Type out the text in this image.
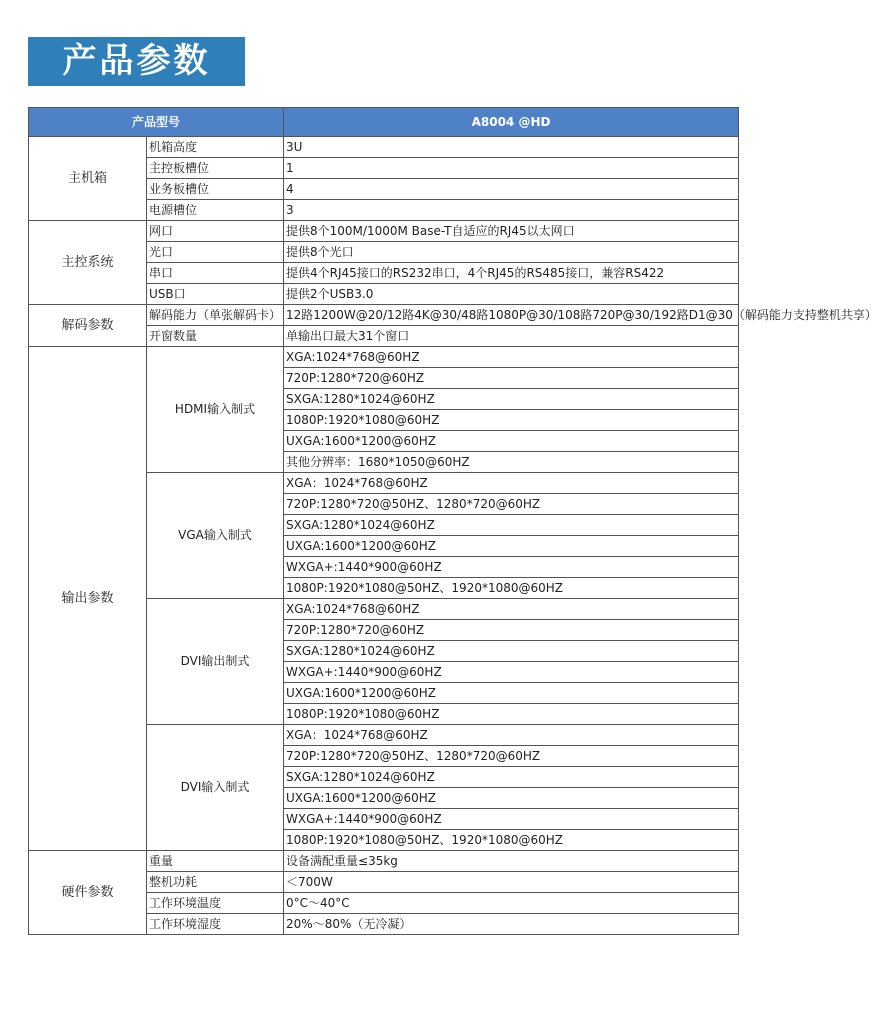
产品参数
产品型号		A8004 @HD
主机箱	机箱高度	3U
	主控板槽位	1
	业务板槽位	4
	电源槽位	3
主控系统	网口	提供8个100M/1000M Base-T自适应的RJ45以太网口
	光口	提供8个光口
	串口	提供4个RJ45接口的RS232串口，4个RJ45的RS485接口，兼容RS422
	USB口	提供2个USB3.0
解码参数	解码能力（单张解码卡）	12路1200W@20/12路4K@30/48路1080P@30/108路720P@30/192路D1@30（解码能力支持整机共享）
	开窗数量	单输出口最大31个窗口
输出参数	HDMI输入制式	XGA:1024*768@60HZ
		720P:1280*720@60HZ
		SXGA:1280*1024@60HZ
		1080P:1920*1080@60HZ
		UXGA:1600*1200@60HZ
		其他分辨率：1680*1050@60HZ
	VGA输入制式	XGA：1024*768@60HZ
		720P:1280*720@50HZ、1280*720@60HZ
		SXGA:1280*1024@60HZ
		UXGA:1600*1200@60HZ
		WXGA+:1440*900@60HZ
		1080P:1920*1080@50HZ、1920*1080@60HZ
	DVI输出制式	XGA:1024*768@60HZ
		720P:1280*720@60HZ
		SXGA:1280*1024@60HZ
		WXGA+:1440*900@60HZ
		UXGA:1600*1200@60HZ
		1080P:1920*1080@60HZ
	DVI输入制式	XGA：1024*768@60HZ
		720P:1280*720@50HZ、1280*720@60HZ
		SXGA:1280*1024@60HZ
		UXGA:1600*1200@60HZ
		WXGA+:1440*900@60HZ
		1080P:1920*1080@50HZ、1920*1080@60HZ
硬件参数	重量	设备满配重量≤35kg
	整机功耗	＜700W
	工作环境温度	0°C～40°C
	工作环境湿度	20%～80%（无冷凝）
